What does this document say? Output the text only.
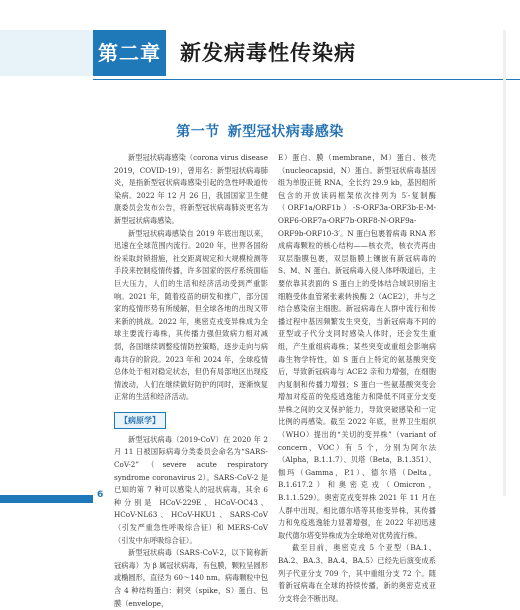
第二章 新发病毒性传染病
第一节 新型冠状病毒感染

新型冠状病毒感染（corona virus disease 2019，COVID-19），曾用名：新型冠状病毒肺炎，是指新型冠状病毒感染引起的急性呼吸道传染病。2022 年 12 月 26 日，我国国家卫生健康委员会发布公告，将新型冠状病毒肺炎更名为新型冠状病毒感染。

新型冠状病毒感染自 2019 年底出现以来，迅速在全球范围内流行。2020 年，世界各国纷纷采取封锁措施，社交距离规定和大规模检测等手段来控制疫情传播，许多国家的医疗系统面临巨大压力，人们的生活和经济活动受到严重影响。2021 年，随着疫苗的研发和推广，部分国家的疫情形势有所缓解，但全球各地的出现又带来新的挑战。2022 年，奥密克戎变异株成为全球主要流行毒株，其传播力强但致病力相对减弱，各国继续调整疫情防控策略，逐步走向与病毒共存的阶段。2023 年和 2024 年，全球疫情总体处于相对稳定状态，但仍有局部地区出现疫情波动，人们在继续做好防护的同时，逐渐恢复正常的生活和经济活动。

【病原学】

新型冠状病毒（2019-CoV）在 2020 年 2 月 11 日被国际病毒分类委员会命名为“SARS-CoV-2”（severe acute respiratory syndrome coronavirus 2）。SARS-CoV-2 是已知的第 7 种可以感染人的冠状病毒，其余 6 种分别是 HCoV-229E、HCoV-OC43、HCoV-NL63、HCoV-HKU1、SARS-CoV（引发严重急性呼吸综合征）和 MERS-CoV（引发中东呼吸综合征）。

新型冠状病毒（SARS-CoV-2，以下简称新冠病毒）为 β 属冠状病毒，有包膜，颗粒呈圆形或椭圆形，直径为 60～140 nm。病毒颗粒中包含 4 种结构蛋白：刺突（spike，S）蛋白、包膜（envelope，

E）蛋白、膜（membrane，M）蛋白、核壳（nucleocapsid，N）蛋白。新型冠状病毒基因组为单股正链 RNA，全长约 29.9 kb，基因组所包含的开放读码框架依次排列为 5′-复制酶（ORF1a/ORF1b）-S-ORF3a-ORF3b-E-M-ORF6-ORF7a-ORF7b-ORF8-N-ORF9a-ORF9b-ORF10-3′。N 蛋白包裹着病毒 RNA 形成病毒颗粒的核心结构——核衣壳，核衣壳再由双层脂膜包裹，双层脂膜上镶嵌有新冠病毒的 S、M、N 蛋白。新冠病毒入侵人体呼吸道后，主要依靠其表面的 S 蛋白上的受体结合域识别宿主细胞受体血管紧张素转换酶 2（ACE2），并与之结合感染宿主细胞。新冠病毒在人群中流行和传播过程中基因频繁发生突变，当新冠病毒不同的亚型或子代分支同时感染人体时，还会发生重组，产生重组病毒株；某些突变或重组会影响病毒生物学特性，如 S 蛋白上特定的氨基酸突变后，导致新冠病毒与 ACE2 亲和力增强，在细胞内复制和传播力增强；S 蛋白一些氨基酸突变会增加对疫苗的免疫逃逸能力和降低不同亚分支变异株之间的交叉保护能力，导致突破感染和一定比例的再感染。截至 2022 年底，世界卫生组织（WHO）提出的“关切的变异株”（variant of concern，VOC）有 5 个，分别为阿尔法（Alpha，B.1.1.7）、贝塔（Beta，B.1.351）、伽玛（Gamma，P.1）、德尔塔（Delta，B.1.617.2）和奥密克戎（Omicron，B.1.1.529）。奥密克戎变异株 2021 年 11 月在人群中出现，相比德尔塔等其他变异株，其传播力和免疫逃逸能力显著增强，在 2022 年初迅速取代德尔塔变异株成为全球绝对优势流行株。

截至目前，奥密克戎 5 个亚型（BA.1、BA.2、BA.3、BA.4、BA.5）已经先后演变成系列子代亚分支 709 个，其中重组分支 72 个。随着新冠病毒在全球的持续传播，新的奥密克戎亚分支将会不断出现。

6
